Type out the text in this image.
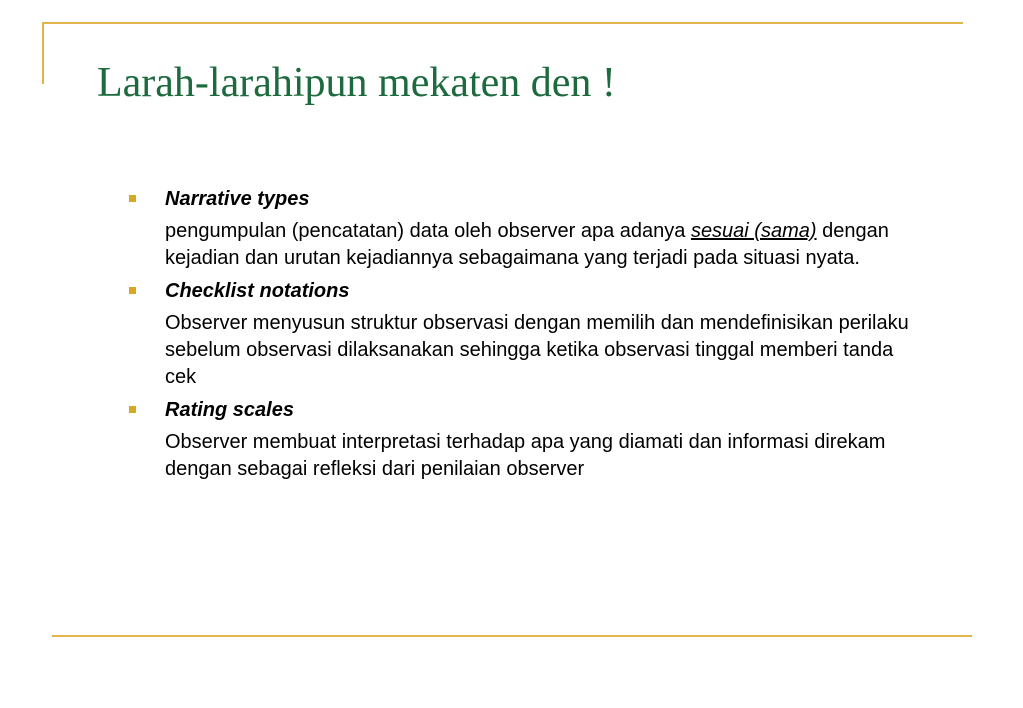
Larah-larahipun mekaten den !
Narrative types

pengumpulan (pencatatan) data oleh observer apa adanya sesuai (sama) dengan kejadian dan urutan kejadiannya sebagaimana yang terjadi pada situasi nyata.

Checklist notations

Observer menyusun struktur observasi dengan memilih dan mendefinisikan perilaku sebelum observasi dilaksanakan sehingga ketika observasi tinggal memberi tanda cek

Rating scales

Observer membuat interpretasi terhadap apa yang diamati dan informasi direkam dengan sebagai refleksi dari penilaian observer
